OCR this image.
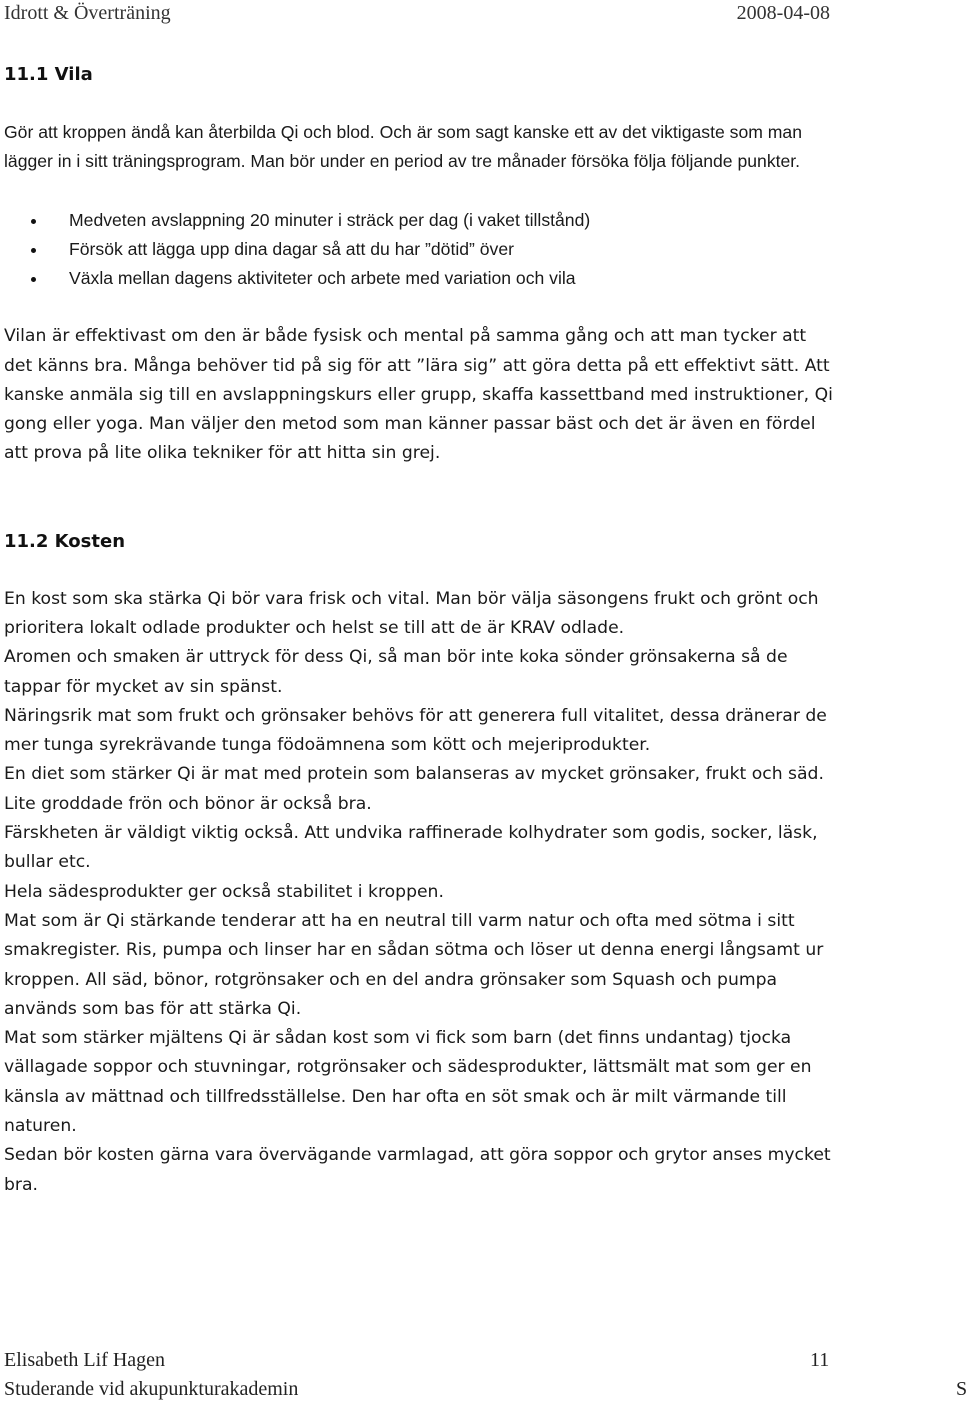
Idrott & Överträning	2008-04-08
11.1 Vila

Gör att kroppen ändå kan återbilda Qi och blod. Och är som sagt kanske ett av det viktigaste som man lägger in i sitt träningsprogram. Man bör under en period av tre månader försöka följa följande punkter.

Medveten avslappning 20 minuter i sträck per dag (i vaket tillstånd)
Försök att lägga upp dina dagar så att du har ”dötid” över
Växla mellan dagens aktiviteter och arbete med variation och vila

Vilan är effektivast om den är både fysisk och mental på samma gång och att man tycker att det känns bra. Många behöver tid på sig för att ”lära sig” att göra detta på ett effektivt sätt. Att kanske anmäla sig till en avslappningskurs eller grupp, skaffa kassettband med instruktioner, Qi gong eller yoga. Man väljer den metod som man känner passar bäst och det är även en fördel att prova på lite olika tekniker för att hitta sin grej.

11.2 Kosten

En kost som ska stärka Qi bör vara frisk och vital. Man bör välja säsongens frukt och grönt och prioritera lokalt odlade produkter och helst se till att de är KRAV odlade.

Aromen och smaken är uttryck för dess Qi, så man bör inte koka sönder grönsakerna så de tappar för mycket av sin spänst.

Näringsrik mat som frukt och grönsaker behövs för att generera full vitalitet, dessa dränerar de mer tunga syrekrävande tunga födoämnena som kött och mejeriprodukter.

En diet som stärker Qi är mat med protein som balanseras av mycket grönsaker, frukt och säd. Lite groddade frön och bönor är också bra.

Färskheten är väldigt viktig också. Att undvika raffinerade kolhydrater som godis, socker, läsk, bullar etc.

Hela sädesprodukter ger också stabilitet i kroppen.

Mat som är Qi stärkande tenderar att ha en neutral till varm natur och ofta med sötma i sitt smakregister. Ris, pumpa och linser har en sådan sötma och löser ut denna energi långsamt ur kroppen. All säd, bönor, rotgrönsaker och en del andra grönsaker som Squash och pumpa används som bas för att stärka Qi.

Mat som stärker mjältens Qi är sådan kost som vi fick som barn (det finns undantag) tjocka vällagade soppor och stuvningar, rotgrönsaker och sädesprodukter, lättsmält mat som ger en känsla av mättnad och tillfredsställelse. Den har ofta en söt smak och är milt värmande till naturen.

Sedan bör kosten gärna vara övervägande varmlagad, att göra soppor och grytor anses mycket bra.

Elisabeth Lif Hagen	11
Studerande vid akupunkturakademin	S
